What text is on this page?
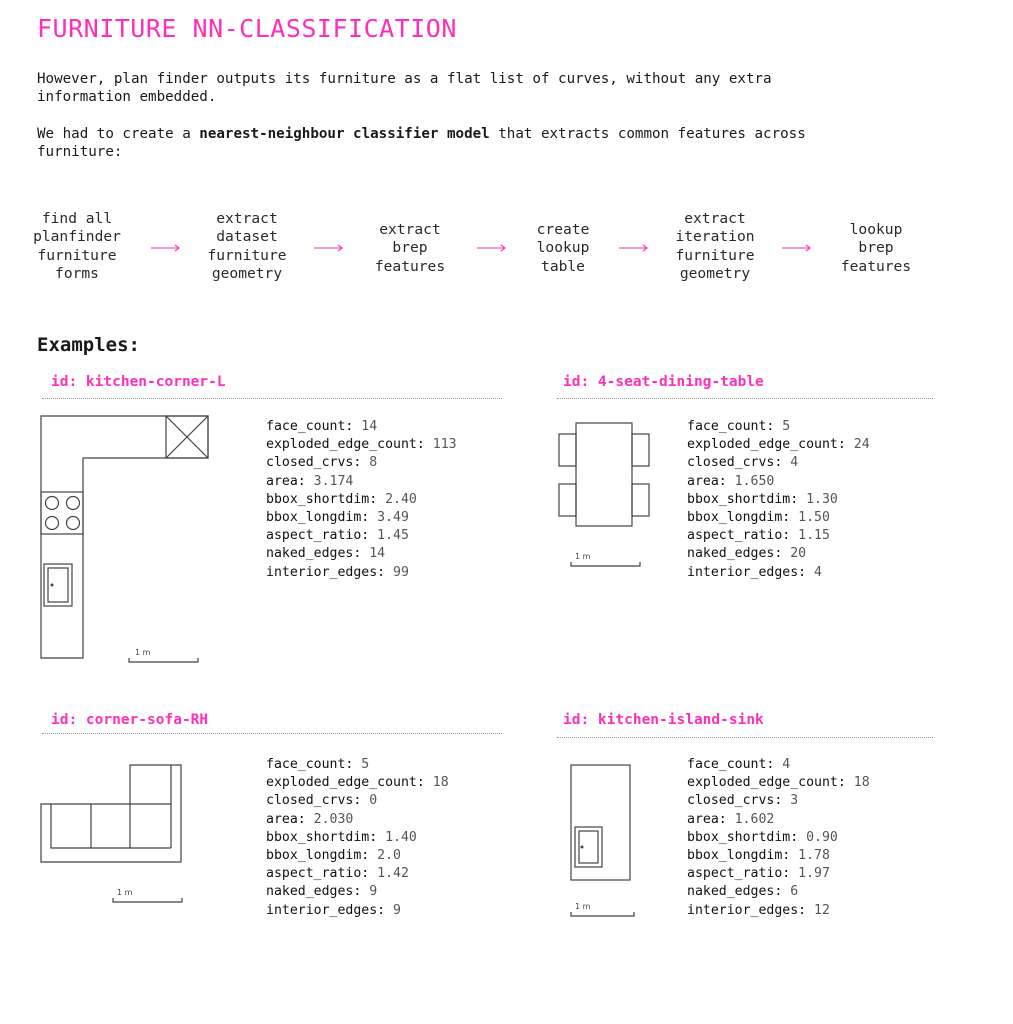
FURNITURE NN-CLASSIFICATION

However, plan finder outputs its furniture as a flat list of curves, without any extra
information embedded.

We had to create a nearest-neighbour classifier model that extracts common features across
furniture:

find all
planfinder
furniture
forms
extract
dataset
furniture
geometry
extract
brep
features
create
lookup
table
extract
iteration
furniture
geometry
lookup
brep
features
Examples:
id: kitchen-corner-L
1 m
face_count: 14
exploded_edge_count: 113
closed_crvs: 8
area: 3.174
bbox_shortdim: 2.40
bbox_longdim: 3.49
aspect_ratio: 1.45
naked_edges: 14
interior_edges: 99
id: 4-seat-dining-table
1 m
face_count: 5
exploded_edge_count: 24
closed_crvs: 4
area: 1.650
bbox_shortdim: 1.30
bbox_longdim: 1.50
aspect_ratio: 1.15
naked_edges: 20
interior_edges: 4
id: corner-sofa-RH
1 m
face_count: 5
exploded_edge_count: 18
closed_crvs: 0
area: 2.030
bbox_shortdim: 1.40
bbox_longdim: 2.0
aspect_ratio: 1.42
naked_edges: 9
interior_edges: 9
id: kitchen-island-sink
1 m
face_count: 4
exploded_edge_count: 18
closed_crvs: 3
area: 1.602
bbox_shortdim: 0.90
bbox_longdim: 1.78
aspect_ratio: 1.97
naked_edges: 6
interior_edges: 12
